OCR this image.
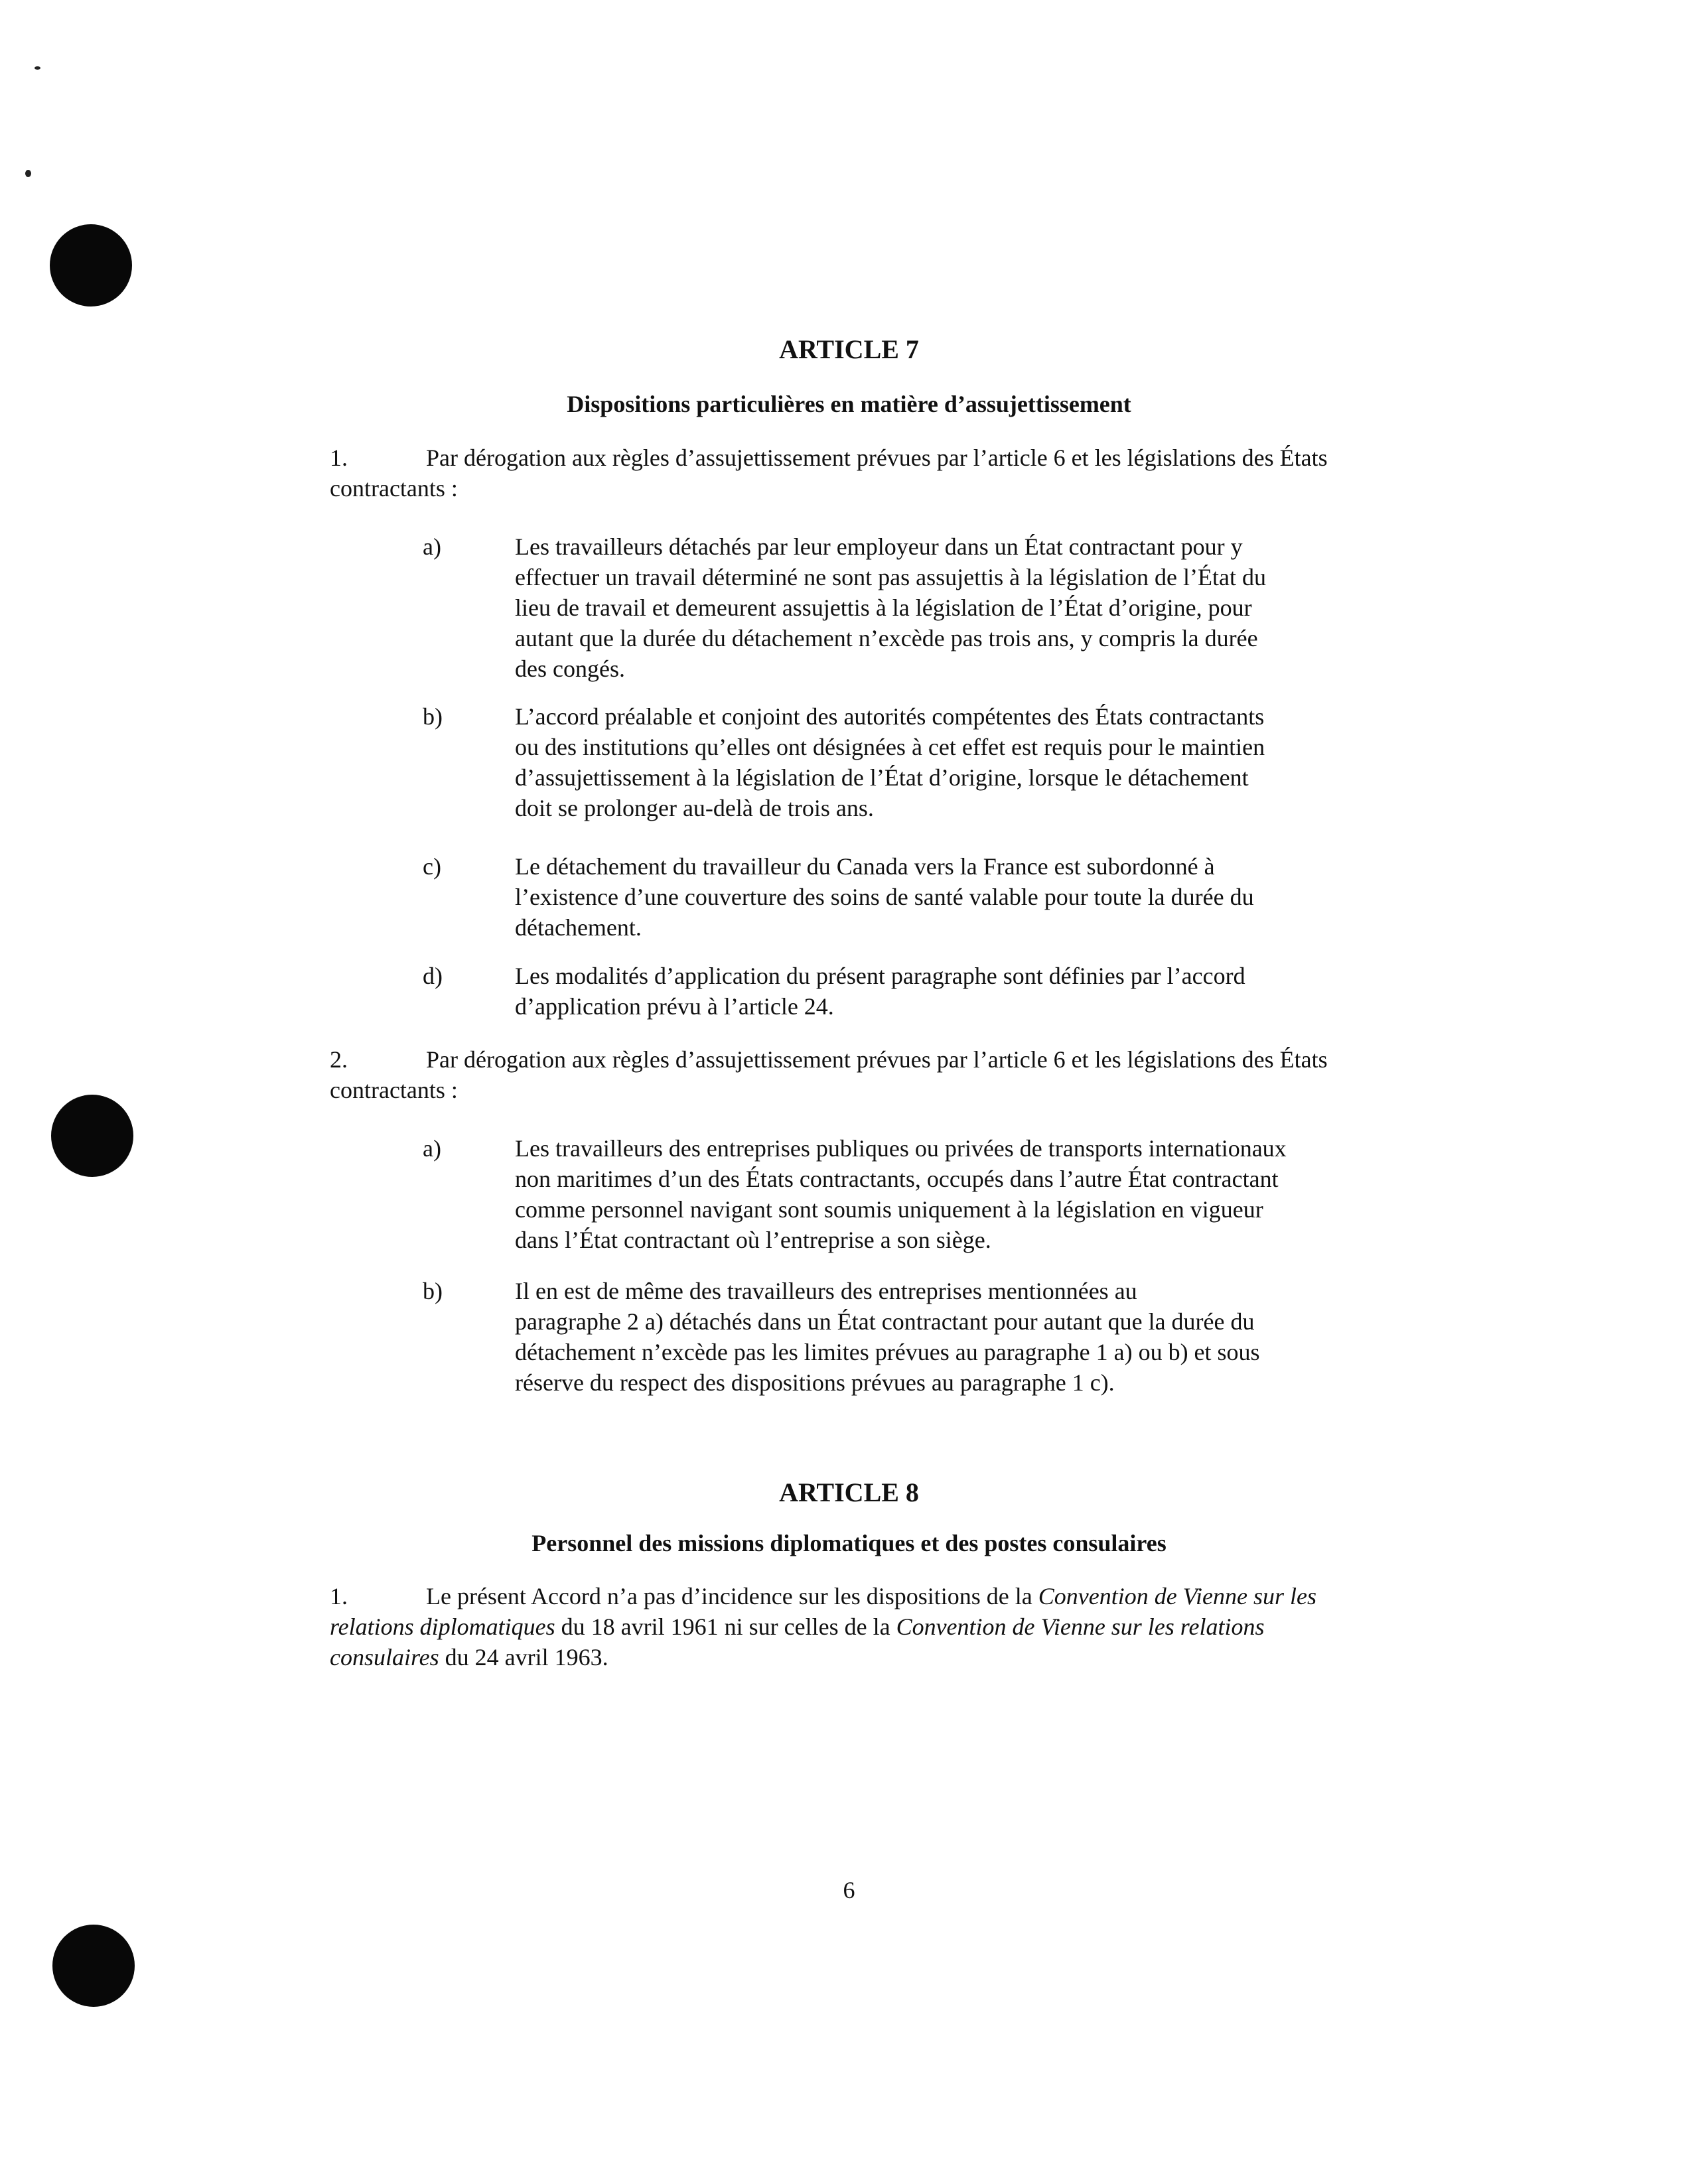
ARTICLE 7
Dispositions particulières en matière d’assujettissement
1.	Par dérogation aux règles d’assujettissement prévues par l’article 6 et les législations des États contractants :
a)	Les travailleurs détachés par leur employeur dans un État contractant pour y
effectuer un travail déterminé ne sont pas assujettis à la législation de l’État du
lieu de travail et demeurent assujettis à la législation de l’État d’origine, pour
autant que la durée du détachement n’excède pas trois ans, y compris la durée
des congés.
b)	L’accord préalable et conjoint des autorités compétentes des États contractants
ou des institutions qu’elles ont désignées à cet effet est requis pour le maintien
d’assujettissement à la législation de l’État d’origine, lorsque le détachement
doit se prolonger au-delà de trois ans.
c)	Le détachement du travailleur du Canada vers la France est subordonné à
l’existence d’une couverture des soins de santé valable pour toute la durée du
détachement.
d)	Les modalités d’application du présent paragraphe sont définies par l’accord
d’application prévu à l’article 24.
2.	Par dérogation aux règles d’assujettissement prévues par l’article 6 et les législations des États contractants :
a)	Les travailleurs des entreprises publiques ou privées de transports internationaux
non maritimes d’un des États contractants, occupés dans l’autre État contractant
comme personnel navigant sont soumis uniquement à la législation en vigueur
dans l’État contractant où l’entreprise a son siège.
b)	Il en est de même des travailleurs des entreprises mentionnées au
paragraphe 2 a) détachés dans un État contractant pour autant que la durée du
détachement n’excède pas les limites prévues au paragraphe 1 a) ou b) et sous
réserve du respect des dispositions prévues au paragraphe 1 c).
ARTICLE 8
Personnel des missions diplomatiques et des postes consulaires
1.	Le présent Accord n’a pas d’incidence sur les dispositions de la Convention de Vienne sur les relations diplomatiques du 18 avril 1961 ni sur celles de la Convention de Vienne sur les relations consulaires du 24 avril 1963.
6
